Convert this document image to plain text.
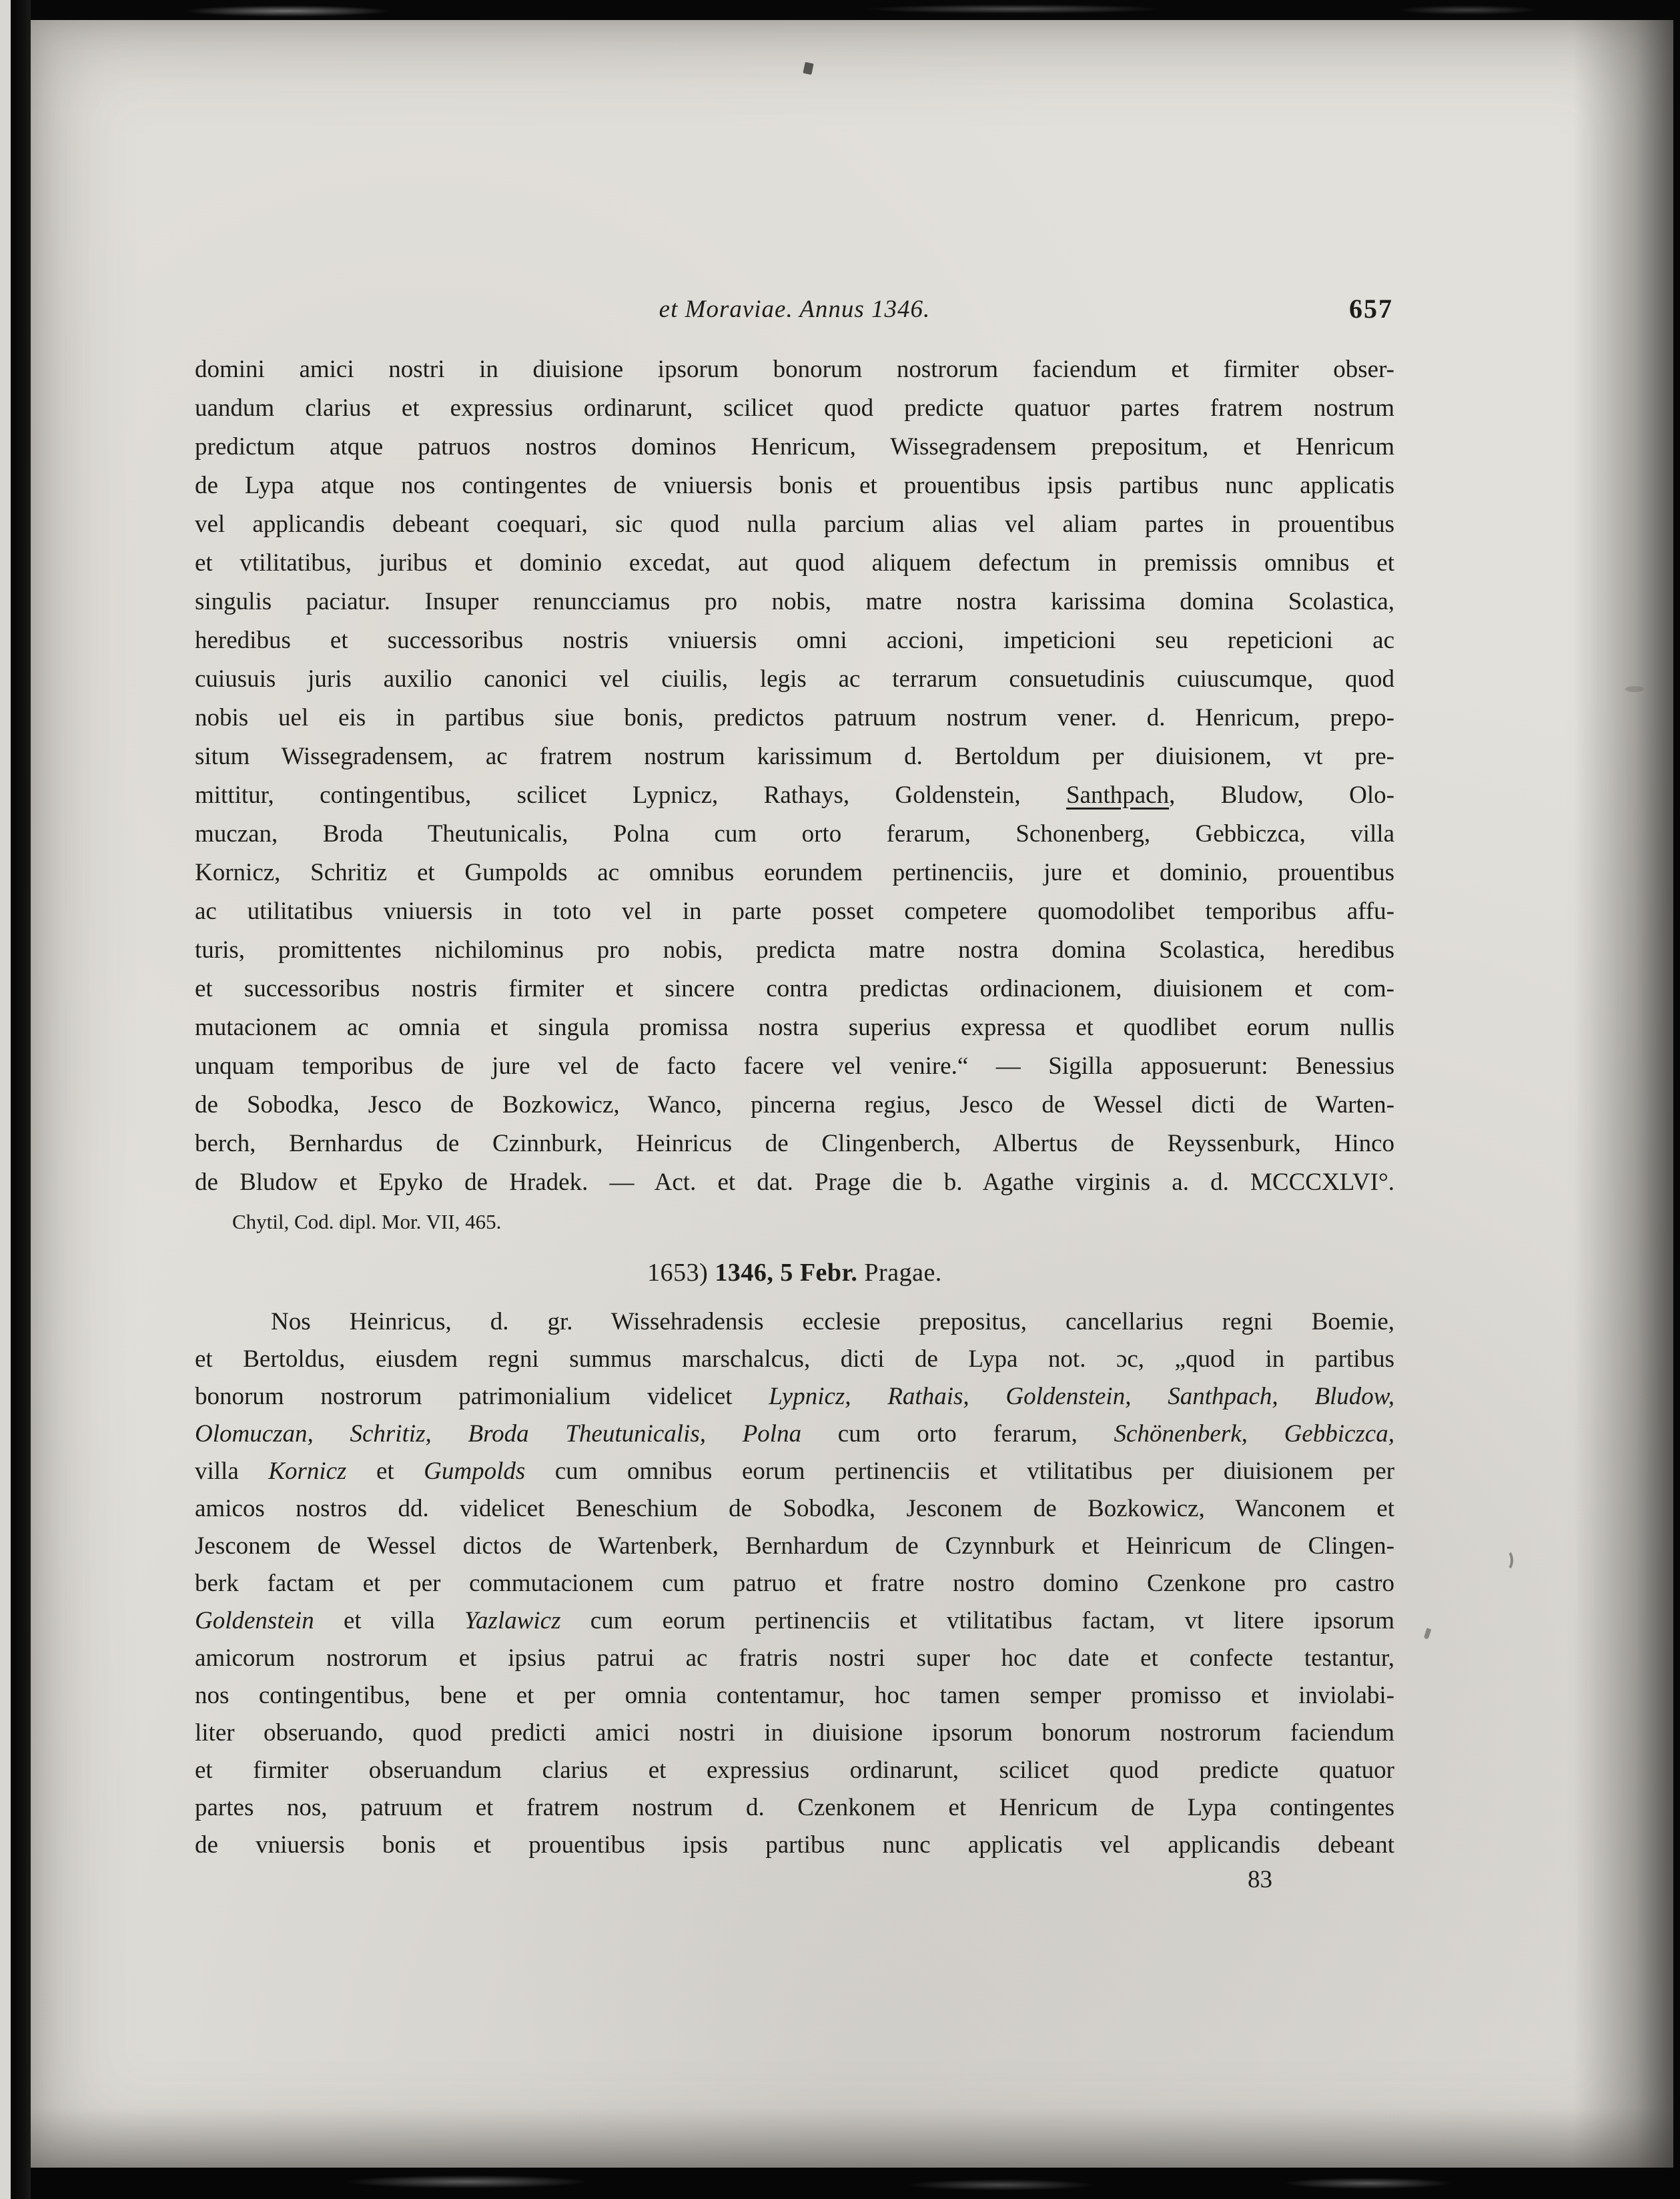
et Moraviae. Annus 1346.	657
domini amici nostri in diuisione ipsorum bonorum nostrorum faciendum et firmiter obser-
uandum clarius et expressius ordinarunt, scilicet quod predicte quatuor partes fratrem nostrum
predictum atque patruos nostros dominos Henricum, Wissegradensem prepositum, et Henricum
de Lypa atque nos contingentes de vniuersis bonis et prouentibus ipsis partibus nunc applicatis
vel applicandis debeant coequari, sic quod nulla parcium alias vel aliam partes in prouentibus
et vtilitatibus, juribus et dominio excedat, aut quod aliquem defectum in premissis omnibus et
singulis paciatur. Insuper renuncciamus pro nobis, matre nostra karissima domina Scolastica,
heredibus et successoribus nostris vniuersis omni accioni, impeticioni seu repeticioni ac
cuiusuis juris auxilio canonici vel ciuilis, legis ac terrarum consuetudinis cuiuscumque, quod
nobis uel eis in partibus siue bonis, predictos patruum nostrum vener. d. Henricum, prepo-
situm Wissegradensem, ac fratrem nostrum karissimum d. Bertoldum per diuisionem, vt pre-
mittitur, contingentibus, scilicet Lypnicz, Rathays, Goldenstein, Santhpach, Bludow, Olo-
muczan, Broda Theutunicalis, Polna cum orto ferarum, Schonenberg, Gebbiczca, villa
Kornicz, Schritiz et Gumpolds ac omnibus eorundem pertinenciis, jure et dominio, prouentibus
ac utilitatibus vniuersis in toto vel in parte posset competere quomodolibet temporibus affu-
turis, promittentes nichilominus pro nobis, predicta matre nostra domina Scolastica, heredibus
et successoribus nostris firmiter et sincere contra predictas ordinacionem, diuisionem et com-
mutacionem ac omnia et singula promissa nostra superius expressa et quodlibet eorum nullis
unquam temporibus de jure vel de facto facere vel venire.“ — Sigilla apposuerunt: Benessius
de Sobodka, Jesco de Bozkowicz, Wanco, pincerna regius, Jesco de Wessel dicti de Warten-
berch, Bernhardus de Czinnburk, Heinricus de Clingenberch, Albertus de Reyssenburk, Hinco
de Bludow et Epyko de Hradek. — Act. et dat. Prage die b. Agathe virginis a. d. MCCCXLVI°.
Chytil, Cod. dipl. Mor. VII, 465.
1653) 1346, 5 Febr. Pragae.
Nos Heinricus, d. gr. Wissehradensis ecclesie prepositus, cancellarius regni Boemie,
et Bertoldus, eiusdem regni summus marschalcus, dicti de Lypa not. ɔc, „quod in partibus
bonorum nostrorum patrimonialium videlicet Lypnicz, Rathais, Goldenstein, Santhpach, Bludow,
Olomuczan, Schritiz, Broda Theutunicalis, Polna cum orto ferarum, Schönenberk, Gebbiczca,
villa Kornicz et Gumpolds cum omnibus eorum pertinenciis et vtilitatibus per diuisionem per
amicos nostros dd. videlicet Beneschium de Sobodka, Jesconem de Bozkowicz, Wanconem et
Jesconem de Wessel dictos de Wartenberk, Bernhardum de Czynnburk et Heinricum de Clingen-
berk factam et per commutacionem cum patruo et fratre nostro domino Czenkone pro castro
Goldenstein et villa Yazlawicz cum eorum pertinenciis et vtilitatibus factam, vt litere ipsorum
amicorum nostrorum et ipsius patrui ac fratris nostri super hoc date et confecte testantur,
nos contingentibus, bene et per omnia contentamur, hoc tamen semper promisso et inviolabi-
liter obseruando, quod predicti amici nostri in diuisione ipsorum bonorum nostrorum faciendum
et firmiter obseruandum clarius et expressius ordinarunt, scilicet quod predicte quatuor
partes nos, patruum et fratrem nostrum d. Czenkonem et Henricum de Lypa contingentes
de vniuersis bonis et prouentibus ipsis partibus nunc applicatis vel applicandis debeant
83
